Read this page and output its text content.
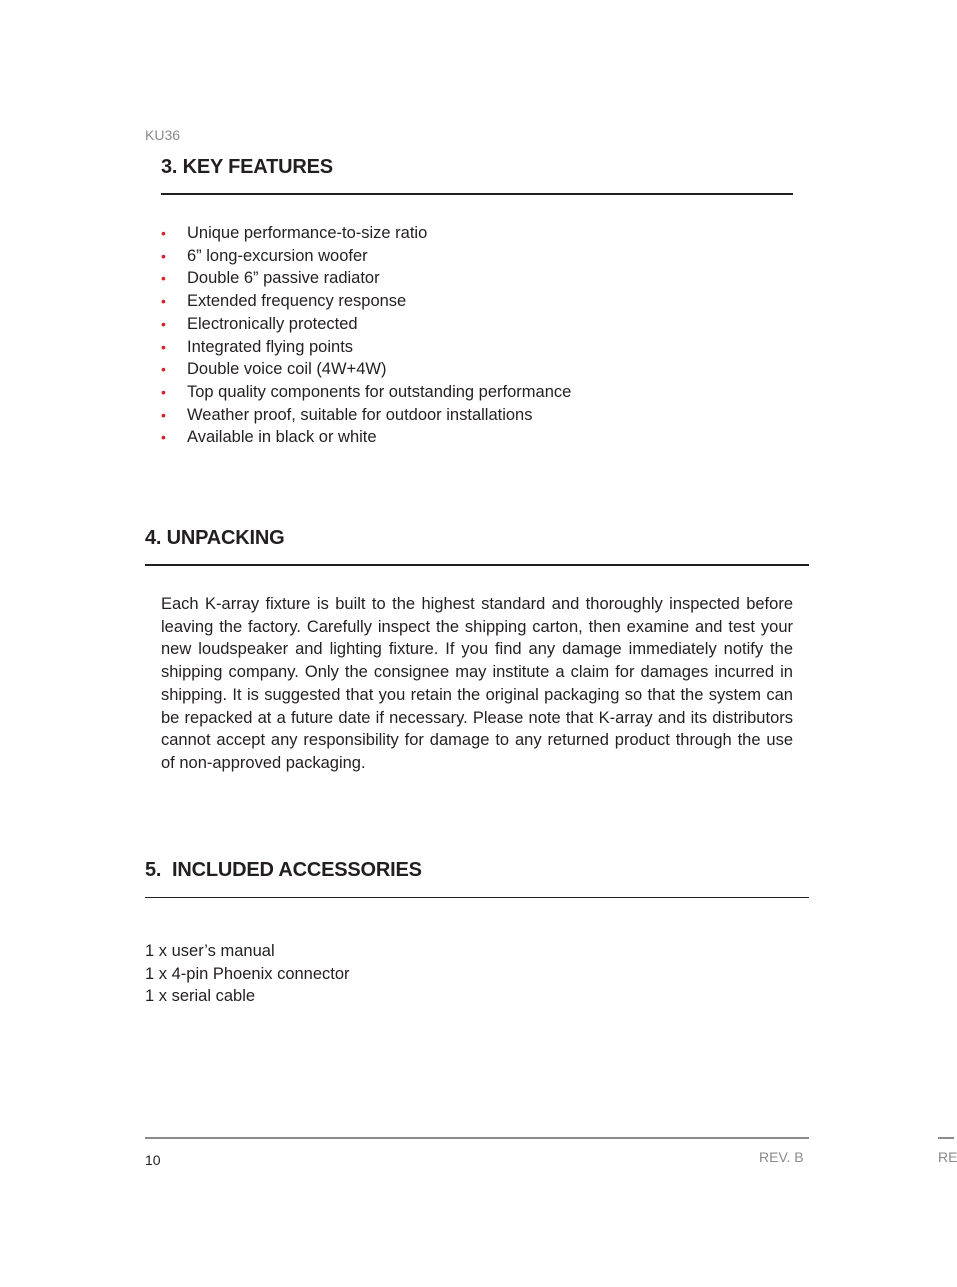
KU36
3. KEY FEATURES
• Unique performance-to-size ratio
• 6” long-excursion woofer
• Double 6” passive radiator
• Extended frequency response
• Electronically protected
• Integrated flying points
• Double voice coil (4W+4W)
• Top quality components for outstanding performance
• Weather proof, suitable for outdoor installations
• Available in black or white
4. UNPACKING

Each K-array fixture is built to the highest standard and thoroughly inspected before leaving the factory. Carefully inspect the shipping carton, then examine and test your new loudspeaker and lighting fixture. If you find any damage immediately notify the shipping company. Only the consignee may institute a claim for damages incurred in shipping. It is suggested that you retain the original packaging so that the system can be repacked at a future date if necessary. Please note that K-array and its distributors cannot accept any responsibility for damage to any returned product through the use of non-approved packaging.

5.  INCLUDED ACCESSORIES
1 x user’s manual
1 x 4-pin Phoenix connector
1 x serial cable
10	REV. B	RE
